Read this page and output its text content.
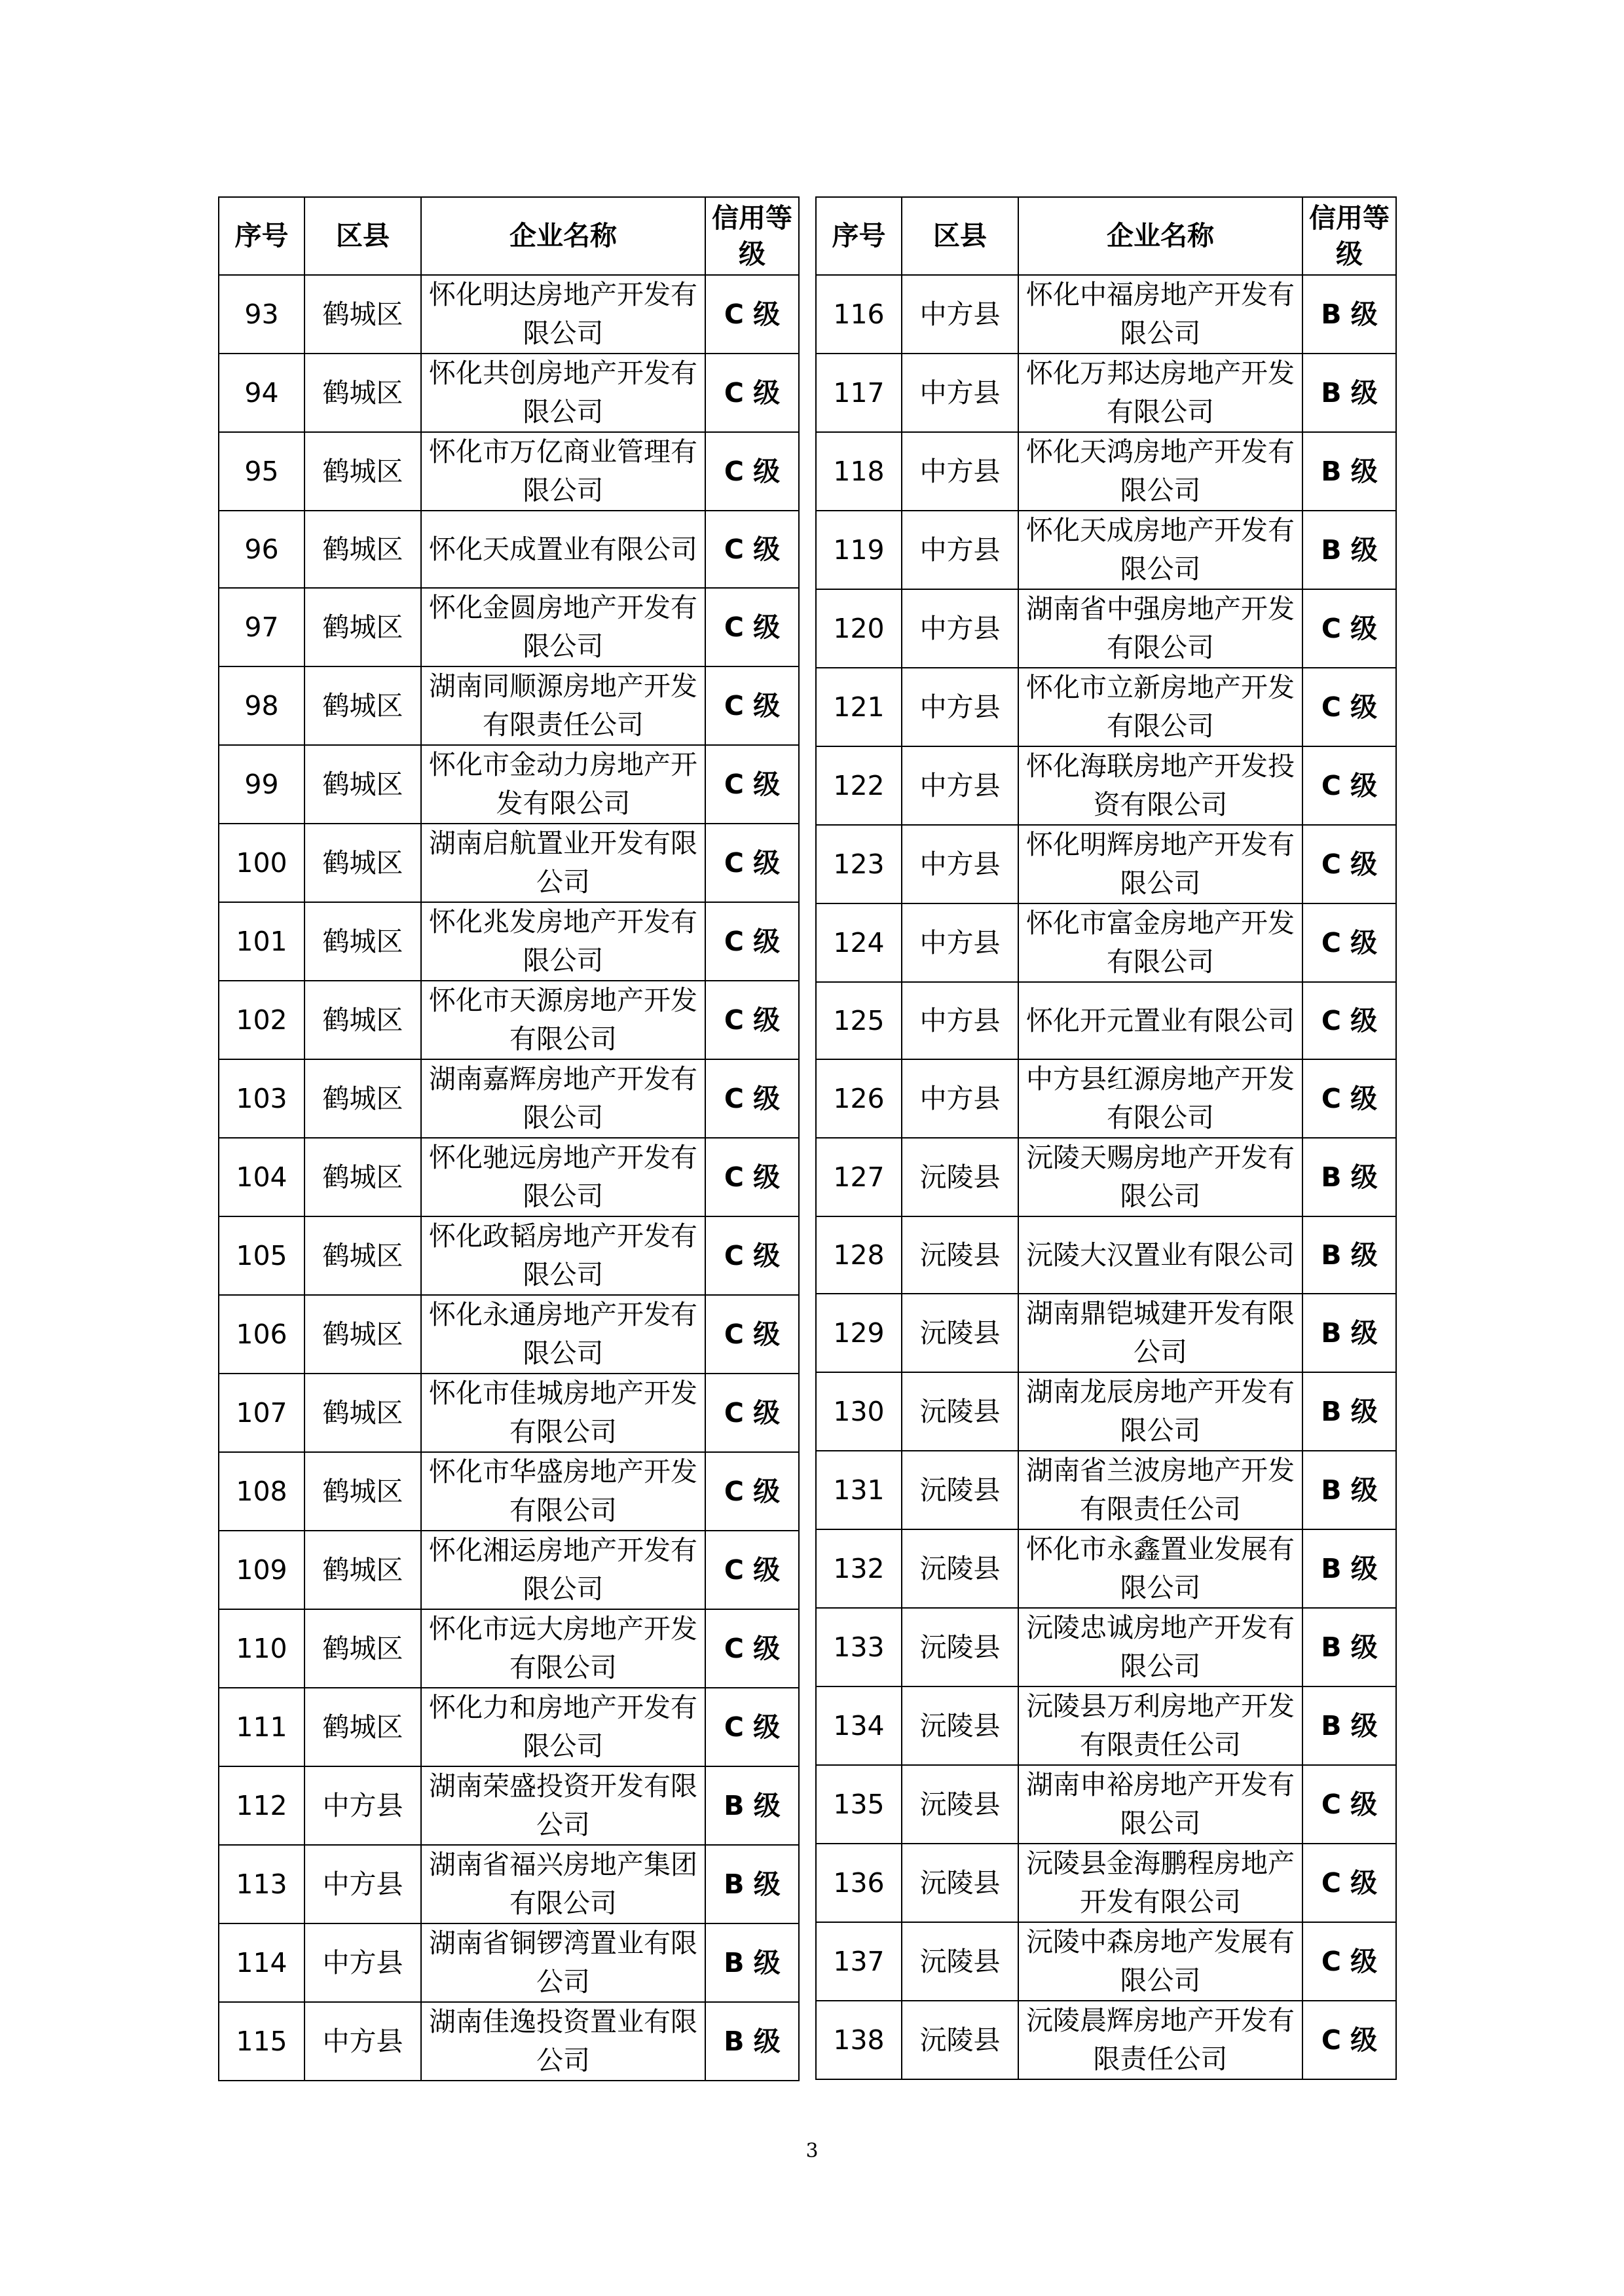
序号	区县	企业名称	信用等级
93	鹤城区	怀化明达房地产开发有限公司	C 级
94	鹤城区	怀化共创房地产开发有限公司	C 级
95	鹤城区	怀化市万亿商业管理有限公司	C 级
96	鹤城区	怀化天成置业有限公司	C 级
97	鹤城区	怀化金圆房地产开发有限公司	C 级
98	鹤城区	湖南同顺源房地产开发有限责任公司	C 级
99	鹤城区	怀化市金动力房地产开发有限公司	C 级
100	鹤城区	湖南启航置业开发有限公司	C 级
101	鹤城区	怀化兆发房地产开发有限公司	C 级
102	鹤城区	怀化市天源房地产开发有限公司	C 级
103	鹤城区	湖南嘉辉房地产开发有限公司	C 级
104	鹤城区	怀化驰远房地产开发有限公司	C 级
105	鹤城区	怀化政韬房地产开发有限公司	C 级
106	鹤城区	怀化永通房地产开发有限公司	C 级
107	鹤城区	怀化市佳城房地产开发有限公司	C 级
108	鹤城区	怀化市华盛房地产开发有限公司	C 级
109	鹤城区	怀化湘运房地产开发有限公司	C 级
110	鹤城区	怀化市远大房地产开发有限公司	C 级
111	鹤城区	怀化力和房地产开发有限公司	C 级
112	中方县	湖南荣盛投资开发有限公司	B 级
113	中方县	湖南省福兴房地产集团有限公司	B 级
114	中方县	湖南省铜锣湾置业有限公司	B 级
115	中方县	湖南佳逸投资置业有限公司	B 级
序号	区县	企业名称	信用等级
116	中方县	怀化中福房地产开发有限公司	B 级
117	中方县	怀化万邦达房地产开发有限公司	B 级
118	中方县	怀化天鸿房地产开发有限公司	B 级
119	中方县	怀化天成房地产开发有限公司	B 级
120	中方县	湖南省中强房地产开发有限公司	C 级
121	中方县	怀化市立新房地产开发有限公司	C 级
122	中方县	怀化海联房地产开发投资有限公司	C 级
123	中方县	怀化明辉房地产开发有限公司	C 级
124	中方县	怀化市富金房地产开发有限公司	C 级
125	中方县	怀化开元置业有限公司	C 级
126	中方县	中方县红源房地产开发有限公司	C 级
127	沅陵县	沅陵天赐房地产开发有限公司	B 级
128	沅陵县	沅陵大汉置业有限公司	B 级
129	沅陵县	湖南鼎铠城建开发有限公司	B 级
130	沅陵县	湖南龙辰房地产开发有限公司	B 级
131	沅陵县	湖南省兰波房地产开发有限责任公司	B 级
132	沅陵县	怀化市永鑫置业发展有限公司	B 级
133	沅陵县	沅陵忠诚房地产开发有限公司	B 级
134	沅陵县	沅陵县万利房地产开发有限责任公司	B 级
135	沅陵县	湖南申裕房地产开发有限公司	C 级
136	沅陵县	沅陵县金海鹏程房地产开发有限公司	C 级
137	沅陵县	沅陵中森房地产发展有限公司	C 级
138	沅陵县	沅陵晨辉房地产开发有限责任公司	C 级
3
